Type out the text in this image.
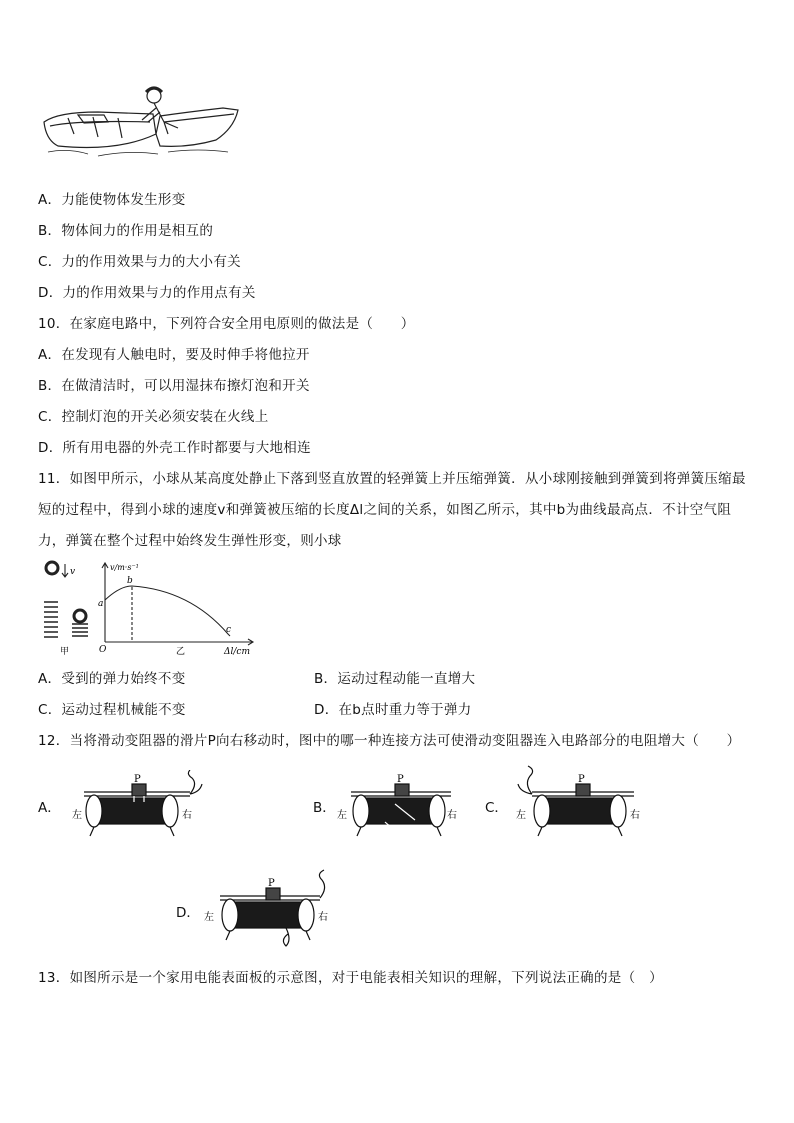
A．力能使物体发生形变
B．物体间力的作用是相互的
C．力的作用效果与力的大小有关
D．力的作用效果与力的作用点有关
10．在家庭电路中，下列符合安全用电原则的做法是（　　）
A．在发现有人触电时，要及时伸手将他拉开
B．在做清洁时，可以用湿抹布擦灯泡和开关
C．控制灯泡的开关必须安装在火线上
D．所有用电器的外壳工作时都要与大地相连
11．如图甲所示，小球从某高度处静止下落到竖直放置的轻弹簧上并压缩弹簧．从小球刚接触到弹簧到将弹簧压缩最
短的过程中，得到小球的速度v和弹簧被压缩的长度Δl之间的关系，如图乙所示，其中b为曲线最高点．不计空气阻
力，弹簧在整个过程中始终发生弹性形变，则小球
v/m·s⁻¹
a
b
c
O	Δl/cm
v
甲	乙
A．受到的弹力始终不变	B．运动过程动能一直增大
C．运动过程机械能不变	D．在b点时重力等于弹力
12．当将滑动变阻器的滑片P向右移动时，图中的哪一种连接方法可使滑动变阻器连入电路部分的电阻增大（　　）
A．
P
左	右	B．
P
左	右 C．
P
左	右
D．
P
左	右
13．如图所示是一个家用电能表面板的示意图，对于电能表相关知识的理解，下列说法正确的是（　）
